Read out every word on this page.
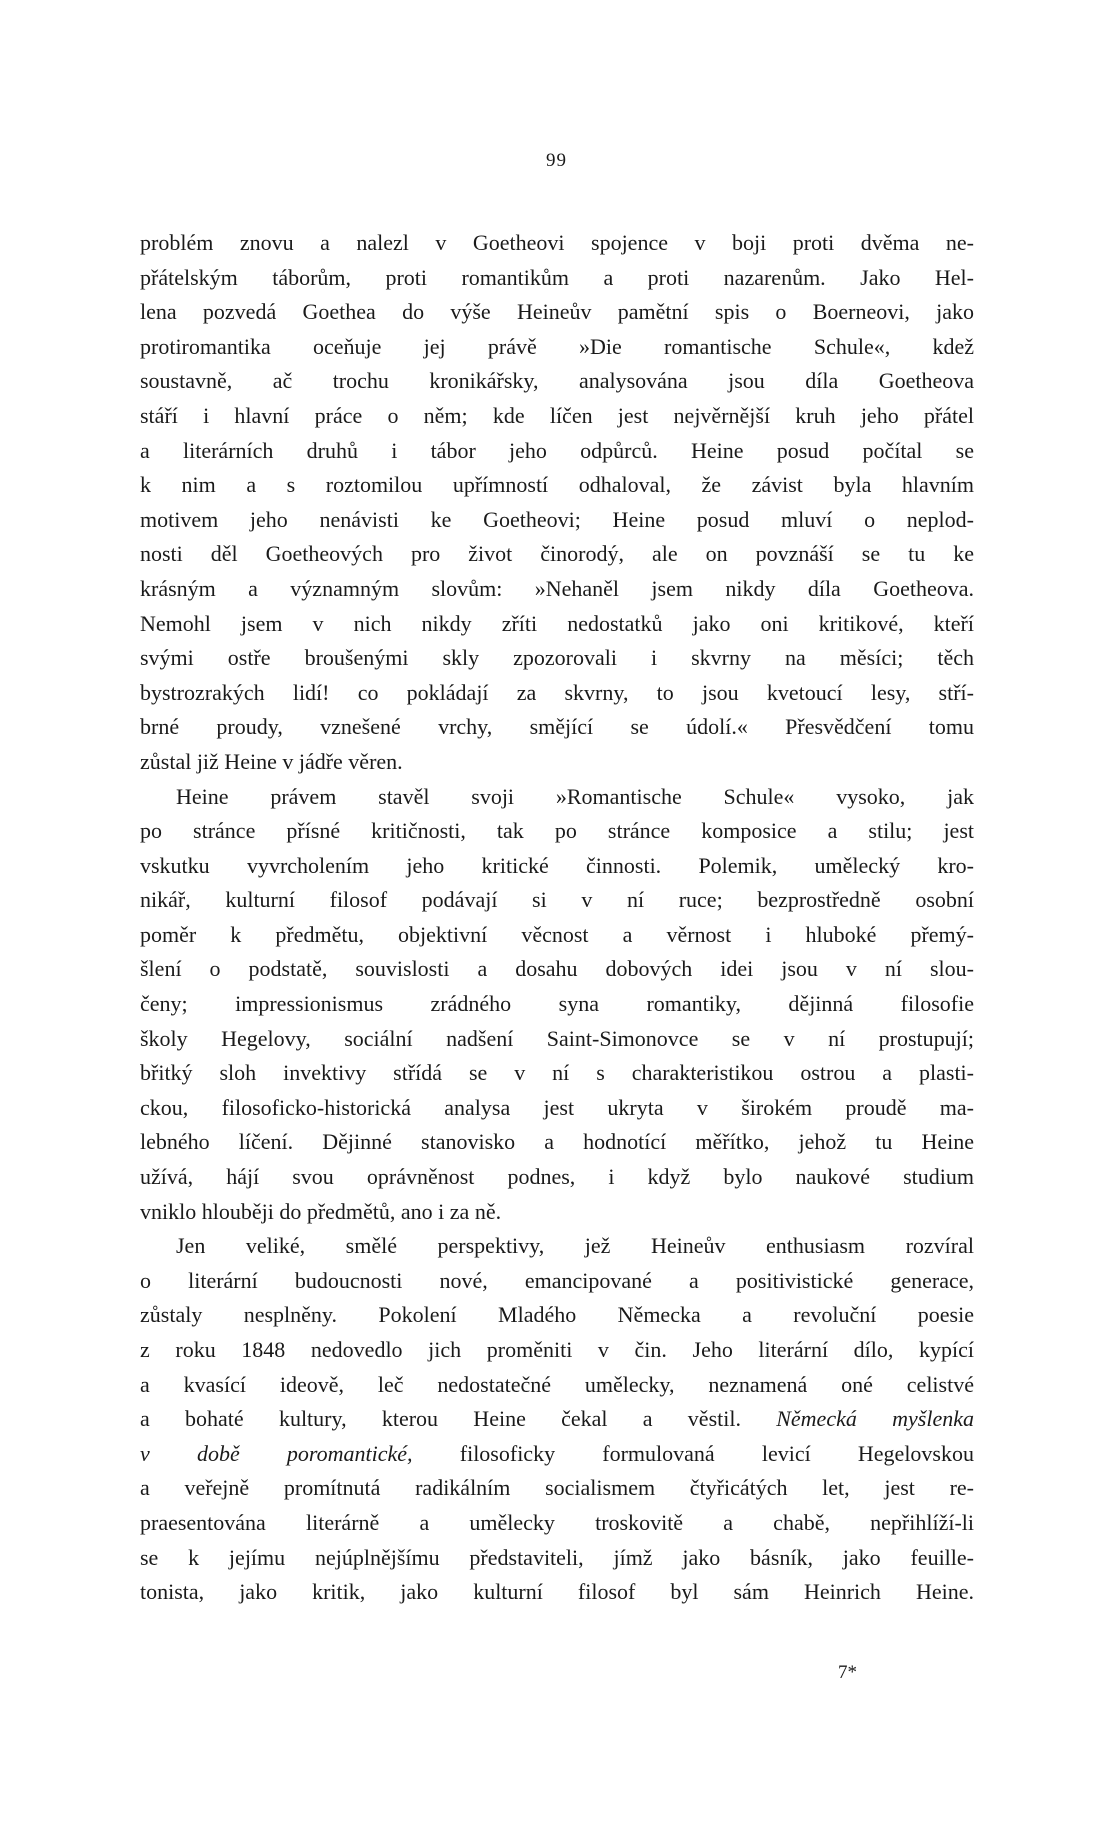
99
problém znovu a nalezl v Goetheovi spojence v boji proti dvěma ne-
přátelským táborům, proti romantikům a proti nazarenům. Jako Hel-
lena pozvedá Goethea do výše Heineův pamětní spis o Boerneovi, jako
protiromantika oceňuje jej právě »Die romantische Schule«, kdež
soustavně, ač trochu kronikářsky, analysována jsou díla Goetheova
stáří i hlavní práce o něm; kde líčen jest nejvěrnější kruh jeho přátel
a literárních druhů i tábor jeho odpůrců. Heine posud počítal se
k nim a s roztomilou upřímností odhaloval, že závist byla hlavním
motivem jeho nenávisti ke Goetheovi; Heine posud mluví o neplod-
nosti děl Goetheových pro život činorodý, ale on povznáší se tu ke
krásným a významným slovům: »Nehaněl jsem nikdy díla Goetheova.
Nemohl jsem v nich nikdy zříti nedostatků jako oni kritikové, kteří
svými ostře broušenými skly zpozorovali i skvrny na měsíci; těch
bystrozrakých lidí! co pokládají za skvrny, to jsou kvetoucí lesy, stří-
brné proudy, vznešené vrchy, smějící se údolí.« Přesvědčení tomu
zůstal již Heine v jádře věren.
Heine právem stavěl svoji »Romantische Schule« vysoko, jak
po stránce přísné kritičnosti, tak po stránce komposice a stilu; jest
vskutku vyvrcholením jeho kritické činnosti. Polemik, umělecký kro-
nikář, kulturní filosof podávají si v ní ruce; bezprostředně osobní
poměr k předmětu, objektivní věcnost a věrnost i hluboké přemý-
šlení o podstatě, souvislosti a dosahu dobových idei jsou v ní slou-
čeny; impressionismus zrádného syna romantiky, dějinná filosofie
školy Hegelovy, sociální nadšení Saint-Simonovce se v ní prostupují;
břitký sloh invektivy střídá se v ní s charakteristikou ostrou a plasti-
ckou, filosoficko-historická analysa jest ukryta v širokém proudě ma-
lebného líčení. Dějinné stanovisko a hodnotící měřítko, jehož tu Heine
užívá, hájí svou oprávněnost podnes, i když bylo naukové studium
vniklo hlouběji do předmětů, ano i za ně.
Jen veliké, smělé perspektivy, jež Heineův enthusiasm rozvíral
o literární budoucnosti nové, emancipované a positivistické generace,
zůstaly nesplněny. Pokolení Mladého Německa a revoluční poesie
z roku 1848 nedovedlo jich proměniti v čin. Jeho literární dílo, kypící
a kvasící ideově, leč nedostatečné umělecky, neznamená oné celistvé
a bohaté kultury, kterou Heine čekal a věstil. Německá myšlenka
v době poromantické, filosoficky formulovaná levicí Hegelovskou
a veřejně promítnutá radikálním socialismem čtyřicátých let, jest re-
praesentována literárně a umělecky troskovitě a chabě, nepřihlíží-li
se k jejímu nejúplnějšímu představiteli, jímž jako básník, jako feuille-
tonista, jako kritik, jako kulturní filosof byl sám Heinrich Heine.
7*
